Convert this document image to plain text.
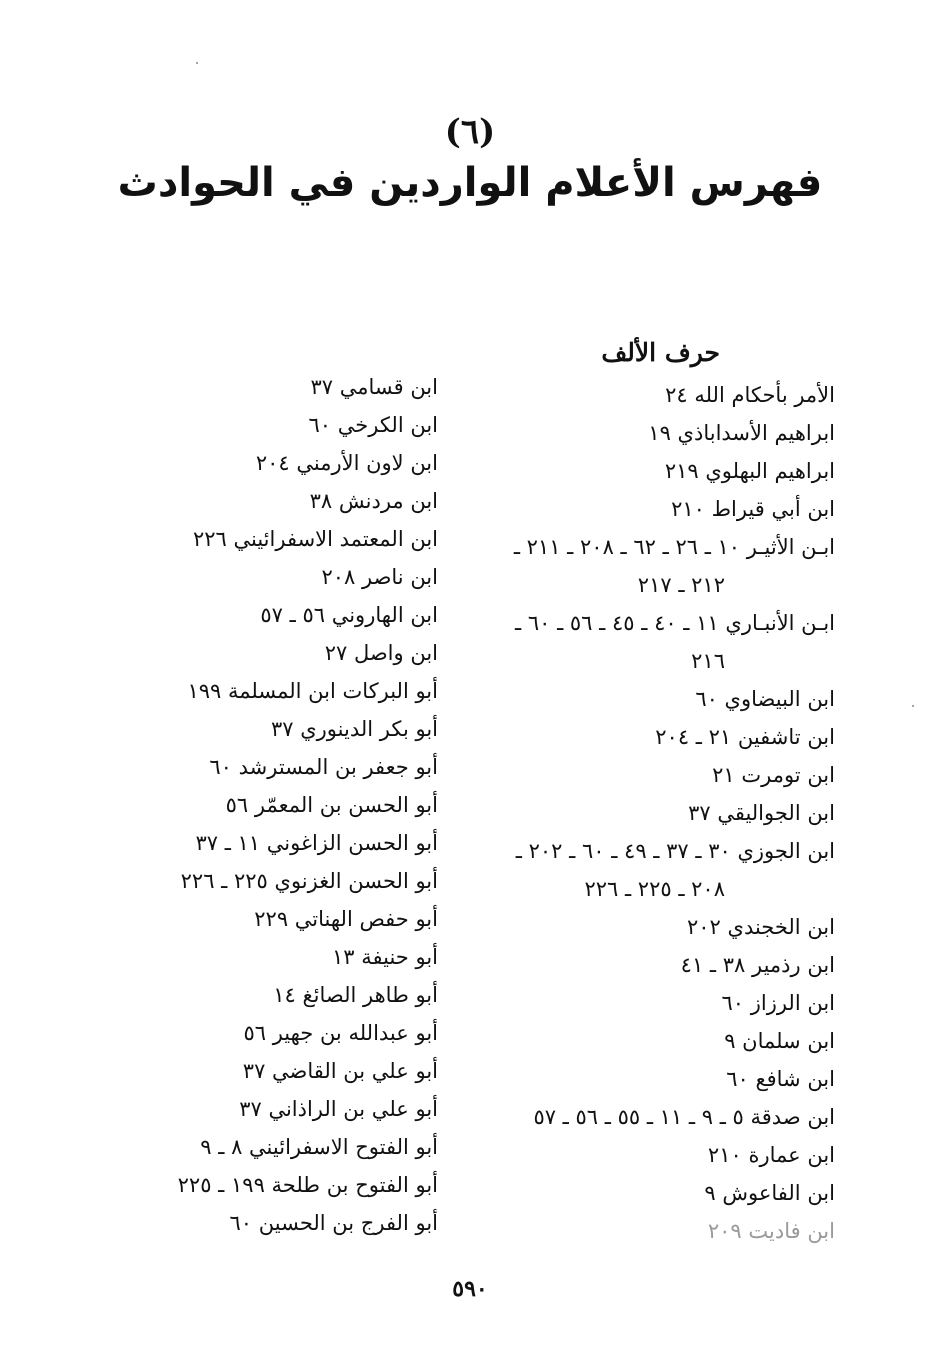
(٦)
فهرس الأعلام الواردين في الحوادث
حرف الألف
الأمر بأحكام الله ٢٤
ابراهيم الأسداباذي ١٩
ابراهيم البهلوي ٢١٩
ابن أبي قيراط ٢١٠
ابـن الأثيـر ١٠ ـ ٢٦ ـ ٦٢ ـ ٢٠٨ ـ ٢١١ ـ
٢١٢ ـ ٢١٧
ابـن الأنبـاري ١١ ـ ٤٠ ـ ٤٥ ـ ٥٦ ـ ٦٠ ـ
٢١٦
ابن البيضاوي ٦٠
ابن تاشفين ٢١ ـ ٢٠٤
ابن تومرت ٢١
ابن الجواليقي ٣٧
ابن الجوزي ٣٠ ـ ٣٧ ـ ٤٩ ـ ٦٠ ـ ٢٠٢ ـ
٢٠٨ ـ ٢٢٥ ـ ٢٢٦
ابن الخجندي ٢٠٢
ابن رذمير ٣٨ ـ ٤١
ابن الرزاز ٦٠
ابن سلمان ٩
ابن شافع ٦٠
ابن صدقة ٥ ـ ٩ ـ ١١ ـ ٥٥ ـ ٥٦ ـ ٥٧
ابن عمارة ٢١٠
ابن الفاعوش ٩
ابن فاديت ٢٠٩
ابن قسامي ٣٧
ابن الكرخي ٦٠
ابن لاون الأرمني ٢٠٤
ابن مردنش ٣٨
ابن المعتمد الاسفرائيني ٢٢٦
ابن ناصر ٢٠٨
ابن الهاروني ٥٦ ـ ٥٧
ابن واصل ٢٧
أبو البركات ابن المسلمة ١٩٩
أبو بكر الدينوري ٣٧
أبو جعفر بن المسترشد ٦٠
أبو الحسن بن المعمّر ٥٦
أبو الحسن الزاغوني ١١ ـ ٣٧
أبو الحسن الغزنوي ٢٢٥ ـ ٢٢٦
أبو حفص الهناتي ٢٢٩
أبو حنيفة ١٣
أبو طاهر الصائغ ١٤
أبو عبدالله بن جهير ٥٦
أبو علي بن القاضي ٣٧
أبو علي بن الراذاني ٣٧
أبو الفتوح الاسفرائيني ٨ ـ ٩
أبو الفتوح بن طلحة ١٩٩ ـ ٢٢٥
أبو الفرج بن الحسين ٦٠
٥٩٠
